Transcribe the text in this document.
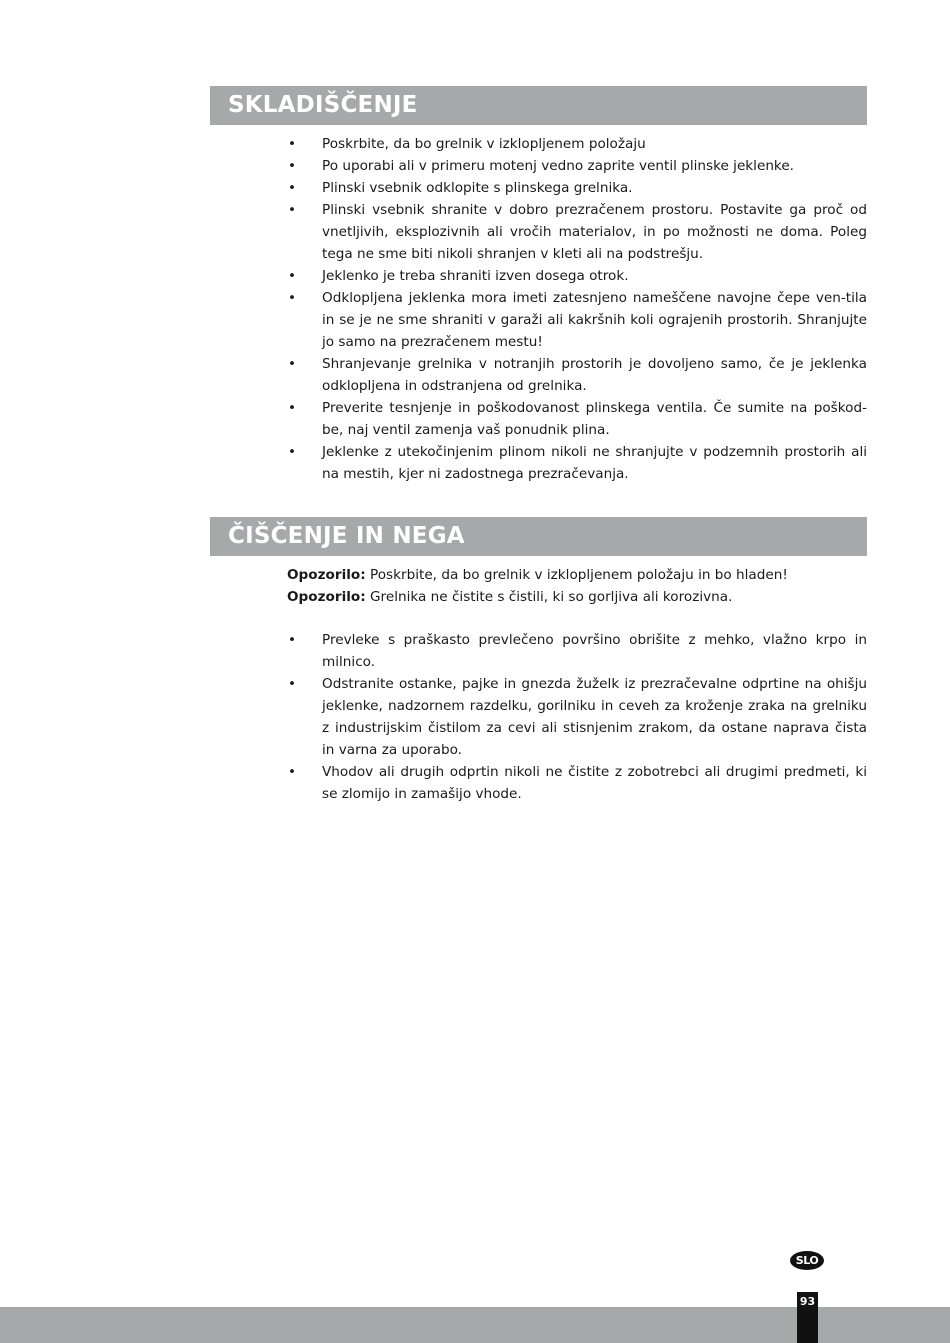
SKLADIŠČENJE
• Poskrbite, da bo grelnik v izklopljenem položaju
• Po uporabi ali v primeru motenj vedno zaprite ventil plinske jeklenke.
• Plinski vsebnik odklopite s plinskega grelnika.
• Plinski vsebnik shranite v dobro prezračenem prostoru. Postavite ga proč od vnetljivih, eksplozivnih ali vročih materialov, in po možnosti ne doma. Poleg tega ne sme biti nikoli shranjen v kleti ali na podstrešju.
• Jeklenko je treba shraniti izven dosega otrok.
• Odklopljena jeklenka mora imeti zatesnjeno nameščene navojne čepe ven-tila in se je ne sme shraniti v garaži ali kakršnih koli ograjenih prostorih. Shranjujte jo samo na prezračenem mestu!
• Shranjevanje grelnika v notranjih prostorih je dovoljeno samo, če je jeklenka odklopljena in odstranjena od grelnika.
• Preverite tesnjenje in poškodovanost plinskega ventila. Če sumite na poškod-be, naj ventil zamenja vaš ponudnik plina.
• Jeklenke z utekočinjenim plinom nikoli ne shranjujte v podzemnih prostorih ali na mestih, kjer ni zadostnega prezračevanja.
ČIŠČENJE IN NEGA
Opozorilo: Poskrbite, da bo grelnik v izklopljenem položaju in bo hladen!
Opozorilo: Grelnika ne čistite s čistili, ki so gorljiva ali korozivna.
• Prevleke s praškasto prevlečeno površino obrišite z mehko, vlažno krpo in milnico.
• Odstranite ostanke, pajke in gnezda žuželk iz prezračevalne odprtine na ohišju jeklenke, nadzornem razdelku, gorilniku in ceveh za kroženje zraka na grelniku z industrijskim čistilom za cevi ali stisnjenim zrakom, da ostane naprava čista in varna za uporabo.
• Vhodov ali drugih odprtin nikoli ne čistite z zobotrebci ali drugimi predmeti, ki se zlomijo in zamašijo vhode.
SLO
93
